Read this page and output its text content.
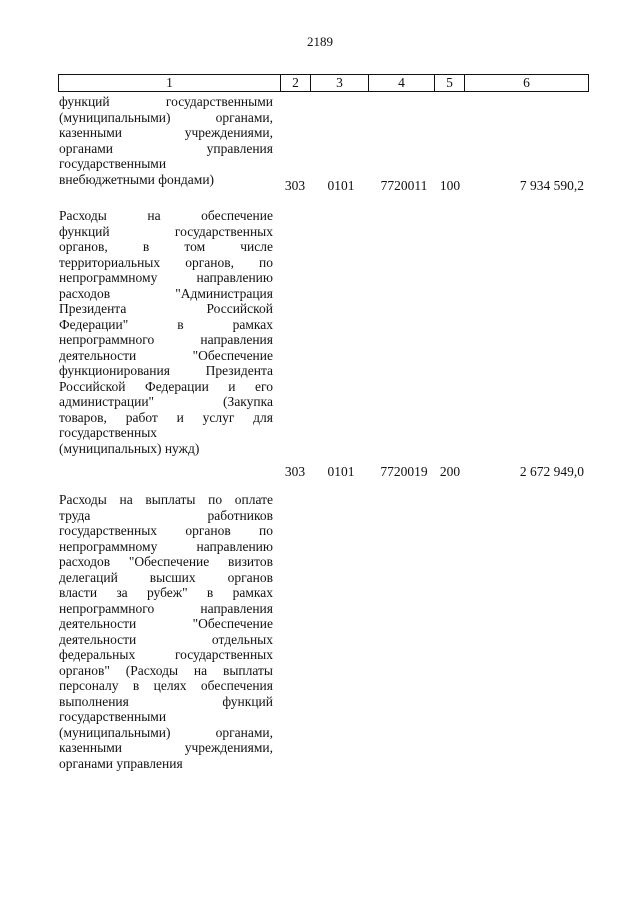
2189
1	2	3	4	5	6
функций государственными
(муниципальными) органами,
казенными учреждениями,
органами управления
государственными
внебюджетными фондами)	303 0101	7720011 100	7 934 590,2
Расходы на обеспечение
функций государственных
органов, в том числе
территориальных органов, по
непрограммному направлению
расходов "Администрация
Президента Российской
Федерации" в рамках
непрограммного направления
деятельности "Обеспечение
функционирования Президента
Российской Федерации и его
администрации" (Закупка
товаров, работ и услуг для
государственных
(муниципальных) нужд)
303 0101	7720019 200	2 672 949,0
Расходы на выплаты по оплате
труда работников
государственных органов по
непрограммному направлению
расходов "Обеспечение визитов
делегаций высших органов
власти за рубеж" в рамках
непрограммного направления
деятельности "Обеспечение
деятельности отдельных
федеральных государственных
органов" (Расходы на выплаты
персоналу в целях обеспечения
выполнения функций
государственными
(муниципальными) органами,
казенными учреждениями,
органами управления
